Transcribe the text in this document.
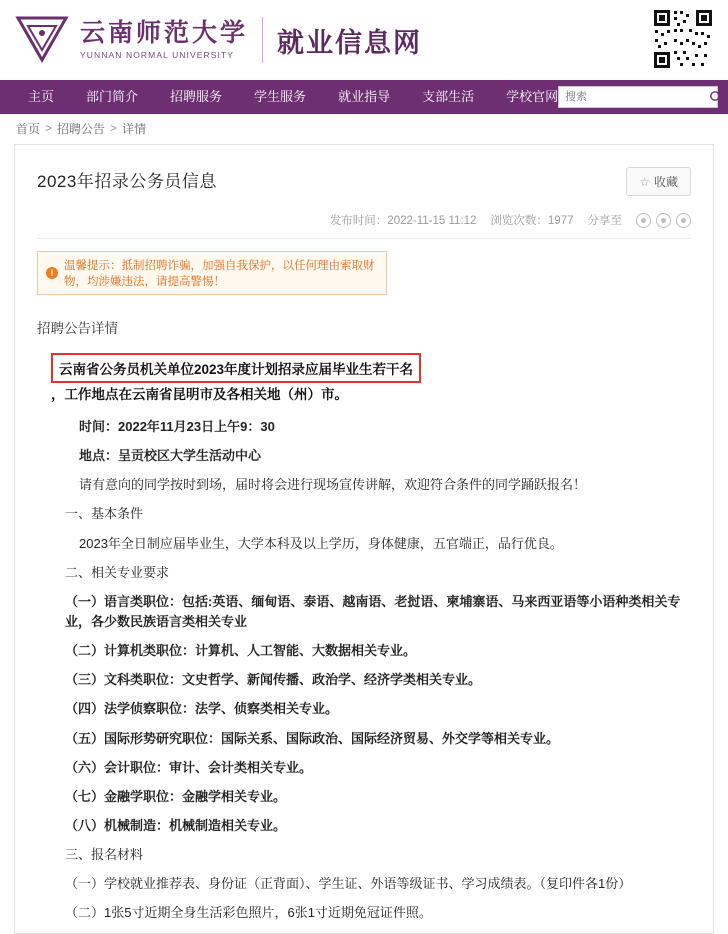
云南师范大学
YUNNAN NORMAL UNIVERSITY	就业信息网
主页	部门简介	招聘服务	学生服务	就业指导	支部生活	学校官网
搜索
首页 > 招聘公告 > 详情
2023年招录公务员信息	☆ 收藏
发布时间：2022-11-15 11:12 浏览次数：1977 分享至
!
温馨提示：抵制招聘诈骗，加强自我保护，以任何理由索取财物，均涉嫌违法，请提高警惕！
招聘公告详情
云南省公务员机关单位2023年度计划招录应届毕业生若干名
，工作地点在云南省昆明市及各相关地（州）市。

时间：2022年11月23日上午9：30

地点：呈贡校区大学生活动中心

请有意向的同学按时到场，届时将会进行现场宣传讲解，欢迎符合条件的同学踊跃报名！

一、基本条件

2023年全日制应届毕业生，大学本科及以上学历，身体健康，五官端正，品行优良。

二、相关专业要求

（一）语言类职位：包括:英语、缅甸语、泰语、越南语、老挝语、柬埔寨语、马来西亚语等小语种类相关专业，各少数民族语言类相关专业

（二）计算机类职位：计算机、人工智能、大数据相关专业。

（三）文科类职位：文史哲学、新闻传播、政治学、经济学类相关专业。

（四）法学侦察职位：法学、侦察类相关专业。

（五）国际形势研究职位：国际关系、国际政治、国际经济贸易、外交学等相关专业。

（六）会计职位：审计、会计类相关专业。

（七）金融学职位：金融学相关专业。

（八）机械制造：机械制造相关专业。

三、报名材料

（一）学校就业推荐表、身份证（正背面）、学生证、外语等级证书、学习成绩表。（复印件各1份）

（二）1张5寸近期全身生活彩色照片，6张1寸近期免冠证件照。
